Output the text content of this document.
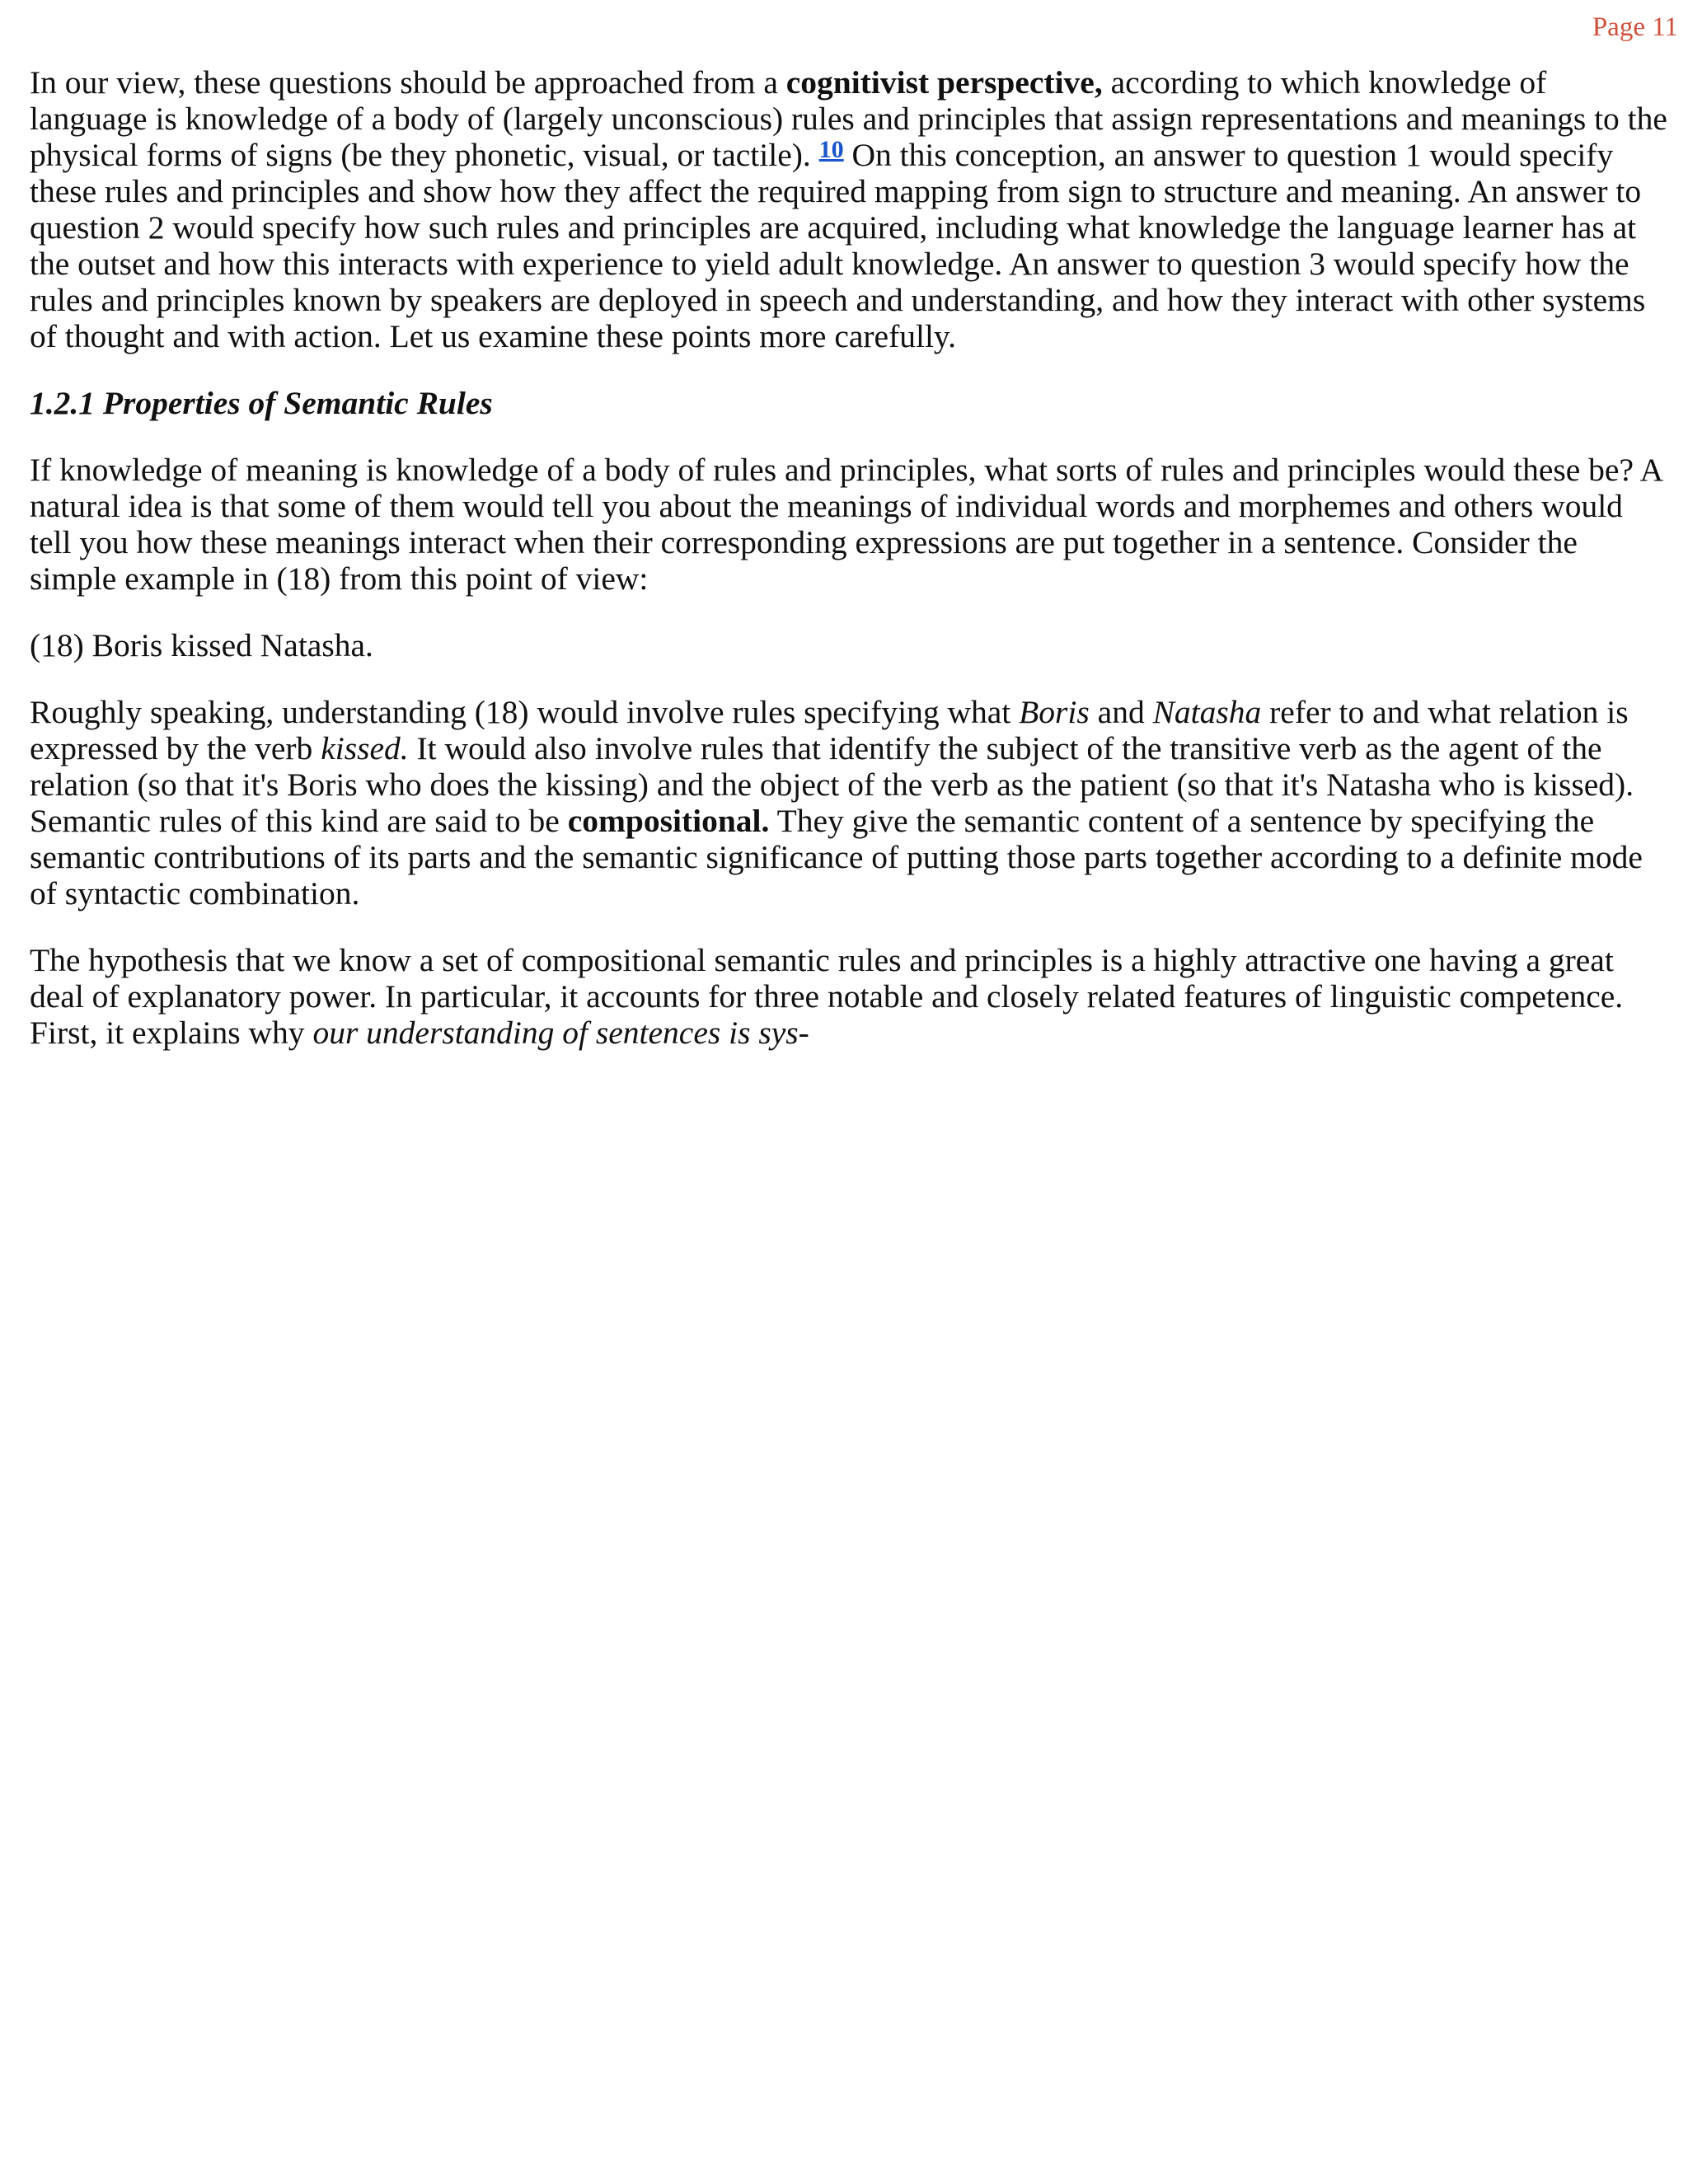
Page 11

In our view, these questions should be approached from a cognitivist perspective, according to which knowledge of language is knowledge of a body of (largely unconscious) rules and principles that assign representations and meanings to the physical forms of signs (be they phonetic, visual, or tactile). $^{10}$ On this conception, an answer to question 1 would specify these rules and principles and show how they affect the required mapping from sign to structure and meaning. An answer to question 2 would specify how such rules and principles are acquired, including what knowledge the language learner has at the outset and how this interacts with experience to yield adult knowledge. An answer to question 3 would specify how the rules and principles known by speakers are deployed in speech and understanding, and how they interact with other systems of thought and with action. Let us examine these points more carefully.

1.2.1 Properties of Semantic Rules

If knowledge of meaning is knowledge of a body of rules and principles, what sorts of rules and principles would these be? A natural idea is that some of them would tell you about the meanings of individual words and morphemes and others would tell you how these meanings interact when their corresponding expressions are put together in a sentence. Consider the simple example in (18) from this point of view:

(18) Boris kissed Natasha.

Roughly speaking, understanding (18) would involve rules specifying what Boris and Natasha refer to and what relation is expressed by the verb kissed. It would also involve rules that identify the subject of the transitive verb as the agent of the relation (so that it's Boris who does the kissing) and the object of the verb as the patient (so that it's Natasha who is kissed). Semantic rules of this kind are said to be compositional. They give the semantic content of a sentence by specifying the semantic contributions of its parts and the semantic significance of putting those parts together according to a definite mode of syntactic combination.

The hypothesis that we know a set of compositional semantic rules and principles is a highly attractive one having a great deal of explanatory power. In particular, it accounts for three notable and closely related features of linguistic competence. First, it explains why our understanding of sentences is sys-
